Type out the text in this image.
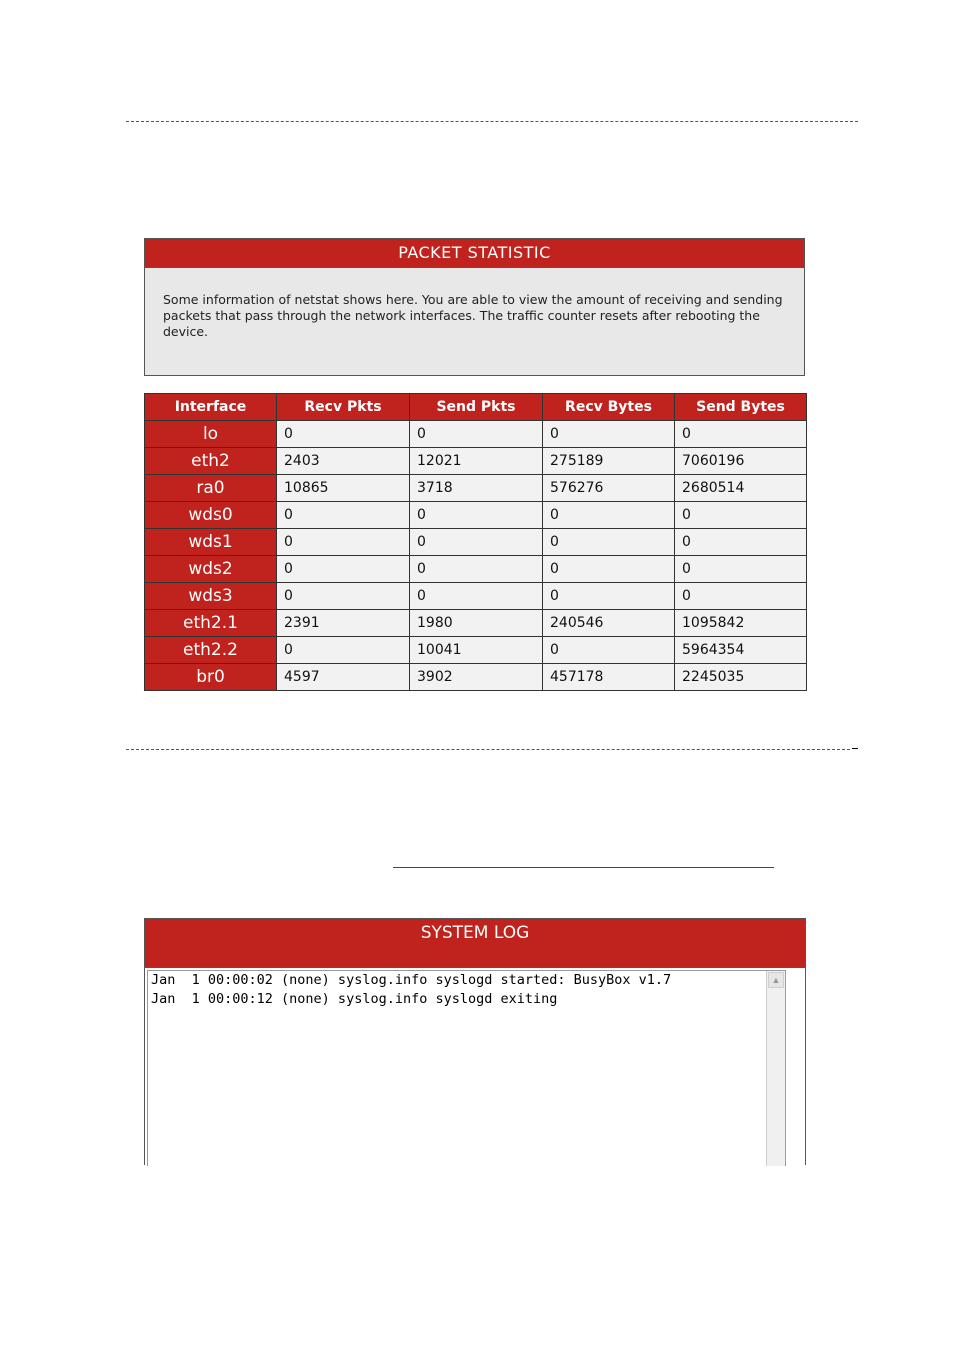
PACKET STATISTIC
Some information of netstat shows here. You are able to view the amount of receiving and sending packets that pass through the network interfaces. The traffic counter resets after rebooting the device.
Interface	Recv Pkts	Send Pkts	Recv Bytes	Send Bytes
lo	0	0	0	0
eth2	2403	12021	275189	7060196
ra0	10865	3718	576276	2680514
wds0	0	0	0	0
wds1	0	0	0	0
wds2	0	0	0	0
wds3	0	0	0	0
eth2.1	2391	1980	240546	1095842
eth2.2	0	10041	0	5964354
br0	4597	3902	457178	2245035
SYSTEM LOG
Jan  1 00:00:02 (none) syslog.info syslogd started: BusyBox v1.7
Jan  1 00:00:12 (none) syslog.info syslogd exiting
▲
